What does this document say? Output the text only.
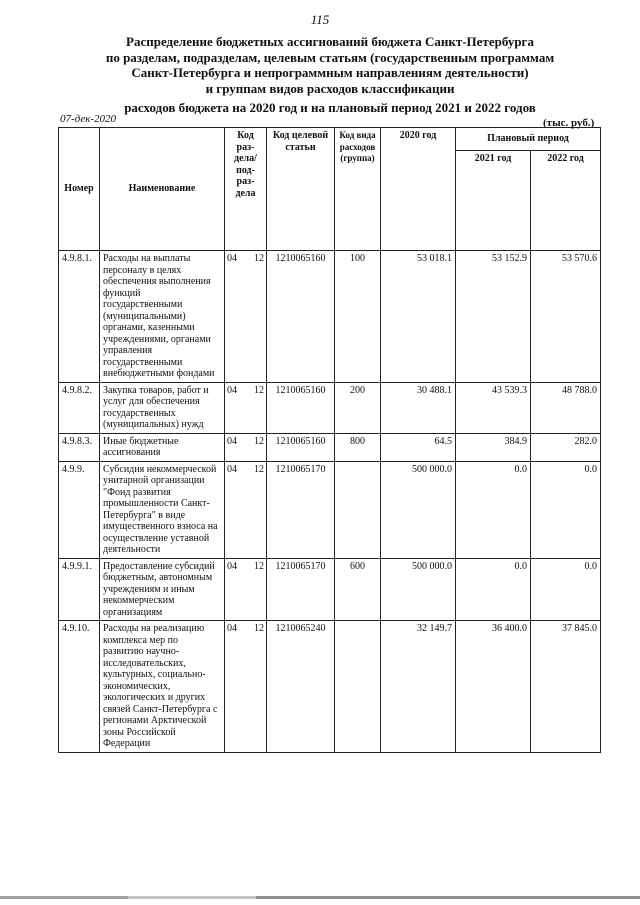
115
Распределение бюджетных ассигнований бюджета Санкт-Петербурга
по разделам, подразделам, целевым статьям (государственным программам
Санкт-Петербурга и непрограммным направлениям деятельности)
и группам видов расходов классификации
расходов бюджета на 2020 год и на плановый период 2021 и 2022 годов
07-дек-2020	(тыс. руб.)
Номер	Наименование	Код раз-дела/ под-раз-дела	Код целевой статьи	Код вида расходов (группа)	2020 год	Плановый период	
						2021 год	2022 год
4.9.8.1.	Расходы на выплаты персоналу в целях обеспечения выполнения функций государственными (муниципальными) органами, казенными учреждениями, органами управления государственными внебюджетными фондами	04 12	1210065160	100	53 018.1	53 152.9	53 570.6
4.9.8.2.	Закупка товаров, работ и услуг для обеспечения государственных (муниципальных) нужд	04 12	1210065160	200	30 488.1	43 539.3	48 788.0
4.9.8.3.	Иные бюджетные ассигнования	04 12	1210065160	800	64.5	384.9	282.0
4.9.9.	Субсидия некоммерческой унитарной организации "Фонд развития промышленности Санкт-Петербурга" в виде имущественного взноса на осуществление уставной деятельности	04 12	1210065170		500 000.0	0.0	0.0
4.9.9.1.	Предоставление субсидий бюджетным, автономным учреждениям и иным некоммерческим организациям	04 12	1210065170	600	500 000.0	0.0	0.0
4.9.10.	Расходы на реализацию комплекса мер по развитию научно-исследовательских, культурных, социально-экономических, экологических и других связей Санкт-Петербурга с регионами Арктической зоны Российской Федерации	04 12	1210065240		32 149.7	36 400.0	37 845.0
